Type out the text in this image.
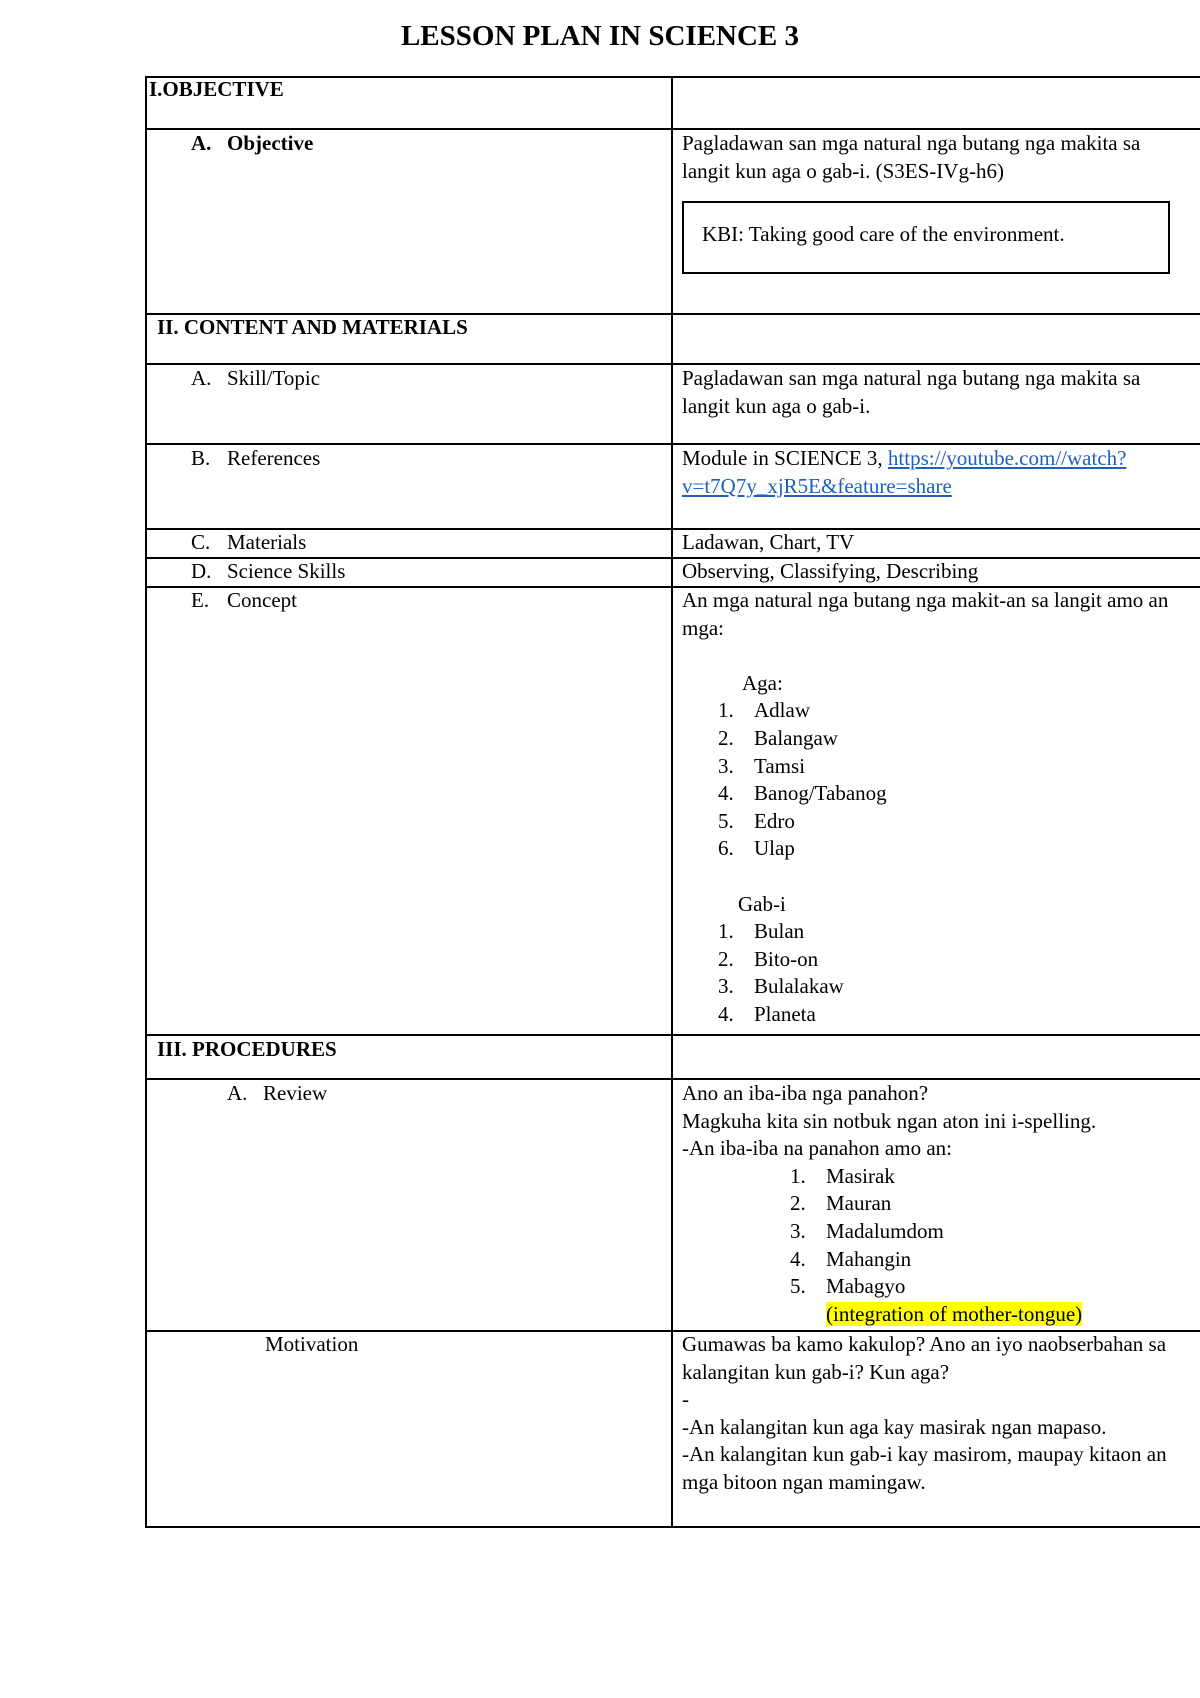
LESSON PLAN IN SCIENCE 3
I.OBJECTIVE
A. Objective	Pagladawan san mga natural nga butang nga makita sa
langit kun aga o gab-i. (S3ES-IVg-h6)
KBI: Taking good care of the environment.
II. CONTENT AND MATERIALS
A. Skill/Topic	Pagladawan san mga natural nga butang nga makita sa
langit kun aga o gab-i.
B. References	Module in SCIENCE 3, https://youtube.com//watch?
v=t7Q7y_xjR5E&feature=share
C. Materials	Ladawan, Chart, TV
D. Science Skills	Observing, Classifying, Describing
E. Concept	An mga natural nga butang nga makit-an sa langit amo an
mga:

Aga:
1. Adlaw
2. Balangaw
3. Tamsi
4. Banog/Tabanog
5. Edro
6. Ulap

Gab-i
1. Bulan
2. Bito-on
3. Bulalakaw
4. Planeta
III. PROCEDURES
A. Review	Ano an iba-iba nga panahon?
Magkuha kita sin notbuk ngan aton ini i-spelling.
-An iba-iba na panahon amo an:
1. Masirak
2. Mauran
3. Madalumdom
4. Mahangin
5. Mabagyo
(integration of mother-tongue)
Motivation	Gumawas ba kamo kakulop? Ano an iyo naobserbahan sa
kalangitan kun gab-i? Kun aga?
-
-An kalangitan kun aga kay masirak ngan mapaso.
-An kalangitan kun gab-i kay masirom, maupay kitaon an
mga bitoon ngan mamingaw.
